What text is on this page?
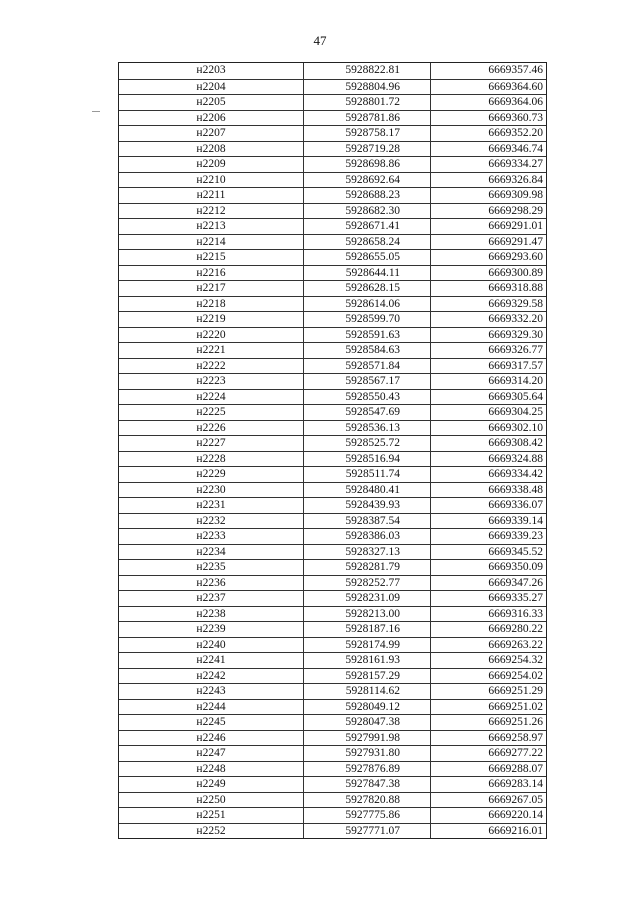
47
н2203	5928822.81	6669357.46
н2204	5928804.96	6669364.60
н2205	5928801.72	6669364.06
н2206	5928781.86	6669360.73
н2207	5928758.17	6669352.20
н2208	5928719.28	6669346.74
н2209	5928698.86	6669334.27
н2210	5928692.64	6669326.84
н2211	5928688.23	6669309.98
н2212	5928682.30	6669298.29
н2213	5928671.41	6669291.01
н2214	5928658.24	6669291.47
н2215	5928655.05	6669293.60
н2216	5928644.11	6669300.89
н2217	5928628.15	6669318.88
н2218	5928614.06	6669329.58
н2219	5928599.70	6669332.20
н2220	5928591.63	6669329.30
н2221	5928584.63	6669326.77
н2222	5928571.84	6669317.57
н2223	5928567.17	6669314.20
н2224	5928550.43	6669305.64
н2225	5928547.69	6669304.25
н2226	5928536.13	6669302.10
н2227	5928525.72	6669308.42
н2228	5928516.94	6669324.88
н2229	5928511.74	6669334.42
н2230	5928480.41	6669338.48
н2231	5928439.93	6669336.07
н2232	5928387.54	6669339.14
н2233	5928386.03	6669339.23
н2234	5928327.13	6669345.52
н2235	5928281.79	6669350.09
н2236	5928252.77	6669347.26
н2237	5928231.09	6669335.27
н2238	5928213.00	6669316.33
н2239	5928187.16	6669280.22
н2240	5928174.99	6669263.22
н2241	5928161.93	6669254.32
н2242	5928157.29	6669254.02
н2243	5928114.62	6669251.29
н2244	5928049.12	6669251.02
н2245	5928047.38	6669251.26
н2246	5927991.98	6669258.97
н2247	5927931.80	6669277.22
н2248	5927876.89	6669288.07
н2249	5927847.38	6669283.14
н2250	5927820.88	6669267.05
н2251	5927775.86	6669220.14
н2252	5927771.07	6669216.01
